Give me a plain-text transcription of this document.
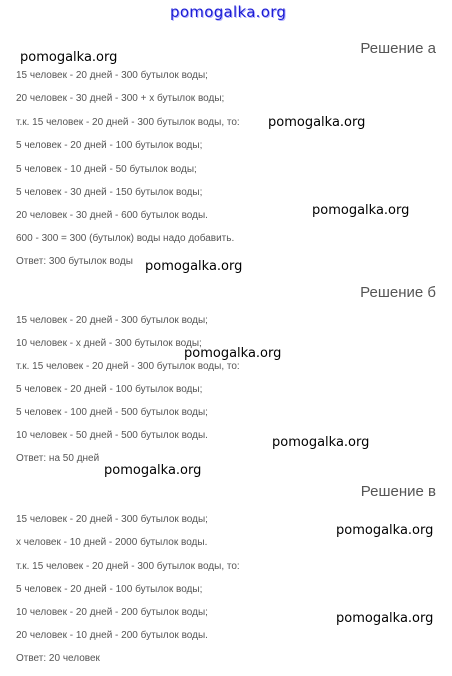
pomogalka.org
Решение а
15 человек - 20 дней - 300 бутылок воды;
20 человек - 30 дней - 300 + x бутылок воды;
т.к. 15 человек - 20 дней - 300 бутылок воды, то:
5 человек - 20 дней - 100 бутылок воды;
5 человек - 10 дней - 50 бутылок воды;
5 человек - 30 дней - 150 бутылок воды;
20 человек - 30 дней - 600 бутылок воды.
600 - 300 = 300 (бутылок) воды надо добавить.
Ответ: 300 бутылок воды
Решение б
15 человек - 20 дней - 300 бутылок воды;
10 человек - x дней - 300 бутылок воды;
т.к. 15 человек - 20 дней - 300 бутылок воды, то:
5 человек - 20 дней - 100 бутылок воды;
5 человек - 100 дней - 500 бутылок воды;
10 человек - 50 дней - 500 бутылок воды.
Ответ: на 50 дней
Решение в
15 человек - 20 дней - 300 бутылок воды;
x человек - 10 дней - 2000 бутылок воды.
т.к. 15 человек - 20 дней - 300 бутылок воды, то:
5 человек - 20 дней - 100 бутылок воды;
10 человек - 20 дней - 200 бутылок воды;
20 человек - 10 дней - 200 бутылок воды.
Ответ: 20 человек
pomogalka.org
pomogalka.org
pomogalka.org
pomogalka.org
pomogalka.org
pomogalka.org
pomogalka.org
pomogalka.org
pomogalka.org
